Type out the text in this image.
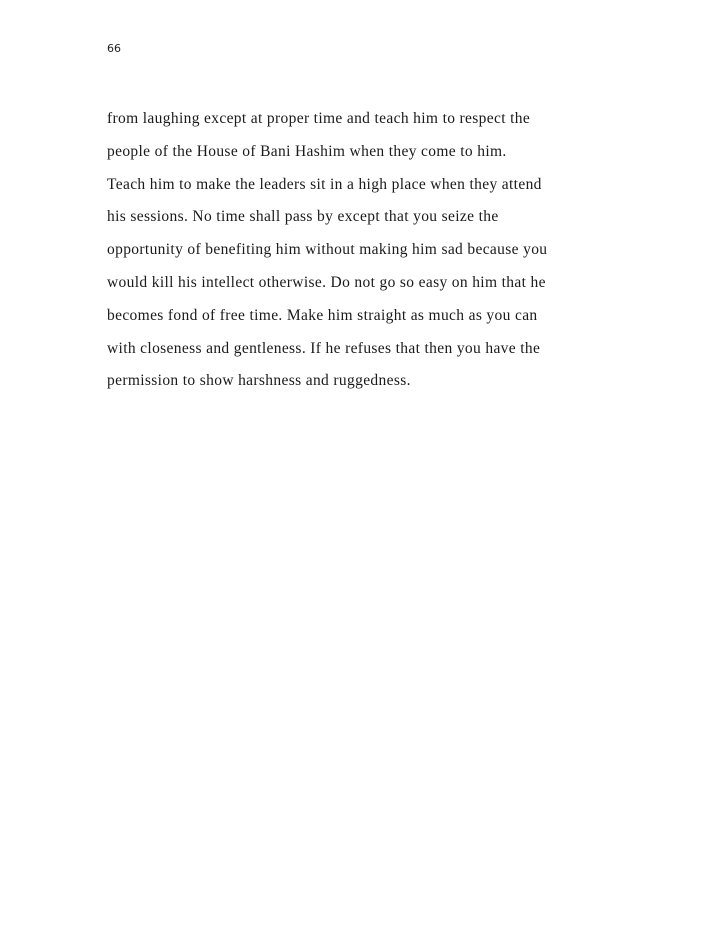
66

from laughing except at proper time and teach him to respect the
people of the House of Bani Hashim when they come to him.
Teach him to make the leaders sit in a high place when they attend
his sessions. No time shall pass by except that you seize the
opportunity of benefiting him without making him sad because you
would kill his intellect otherwise. Do not go so easy on him that he
becomes fond of free time. Make him straight as much as you can
with closeness and gentleness. If he refuses that then you have the
permission to show harshness and ruggedness.
